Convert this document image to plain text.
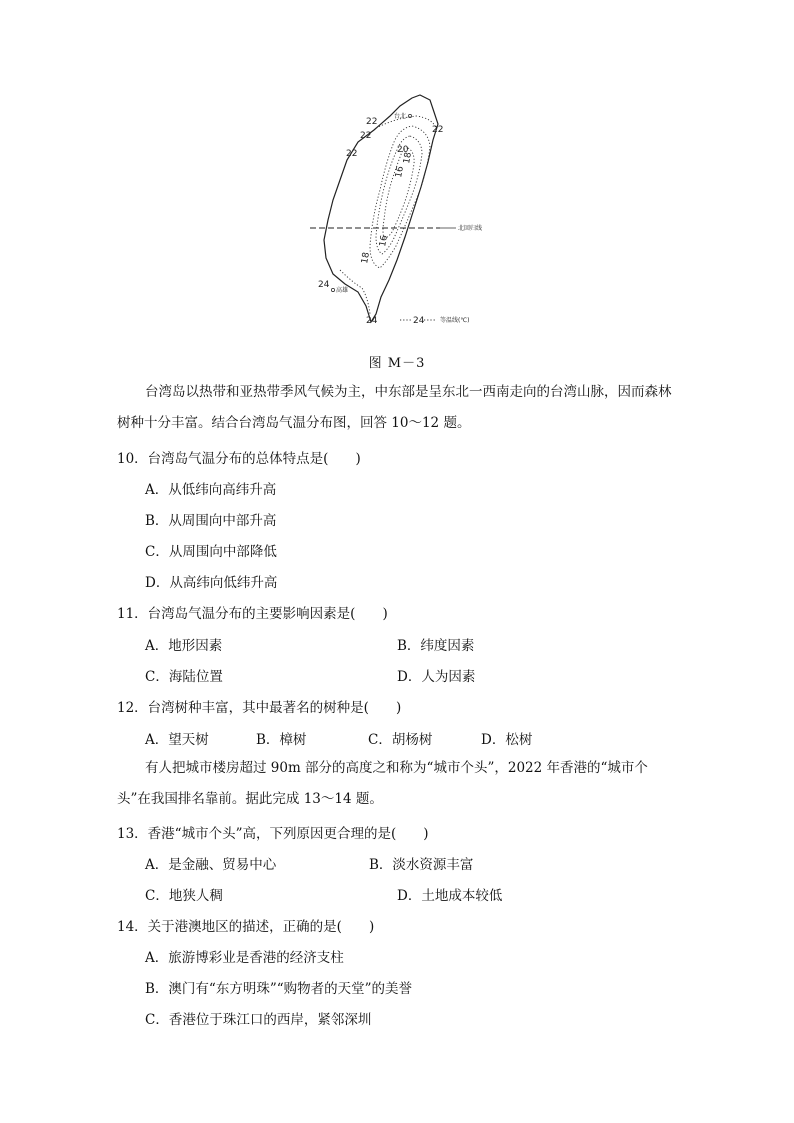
北回归线
22
22
22
22
20
18
16
16
18
24
24
台北
高雄
24	等温线(℃)
图 M－3
台湾岛以热带和亚热带季风气候为主，中东部是呈东北一西南走向的台湾山脉，因而森林树种十分丰富。结合台湾岛气温分布图，回答 10～12 题。
10．台湾岛气温分布的总体特点是(　　)
A．从低纬向高纬升高
B．从周围向中部升高
C．从周围向中部降低
D．从高纬向低纬升高
11．台湾岛气温分布的主要影响因素是(　　)
A．地形因素	B．纬度因素
C．海陆位置	D．人为因素
12．台湾树种丰富，其中最著名的树种是(　　)
A．望天树	B．樟树	C．胡杨树	D．松树
有人把城市楼房超过 90m 部分的高度之和称为“城市个头”，2022 年香港的“城市个头”在我国排名靠前。据此完成 13～14 题。
13．香港“城市个头”高，下列原因更合理的是(　　)
A．是金融、贸易中心	B．淡水资源丰富
C．地狭人稠	D．土地成本较低
14．关于港澳地区的描述，正确的是(　　)
A．旅游博彩业是香港的经济支柱
B．澳门有“东方明珠”“购物者的天堂”的美誉
C．香港位于珠江口的西岸，紧邻深圳
